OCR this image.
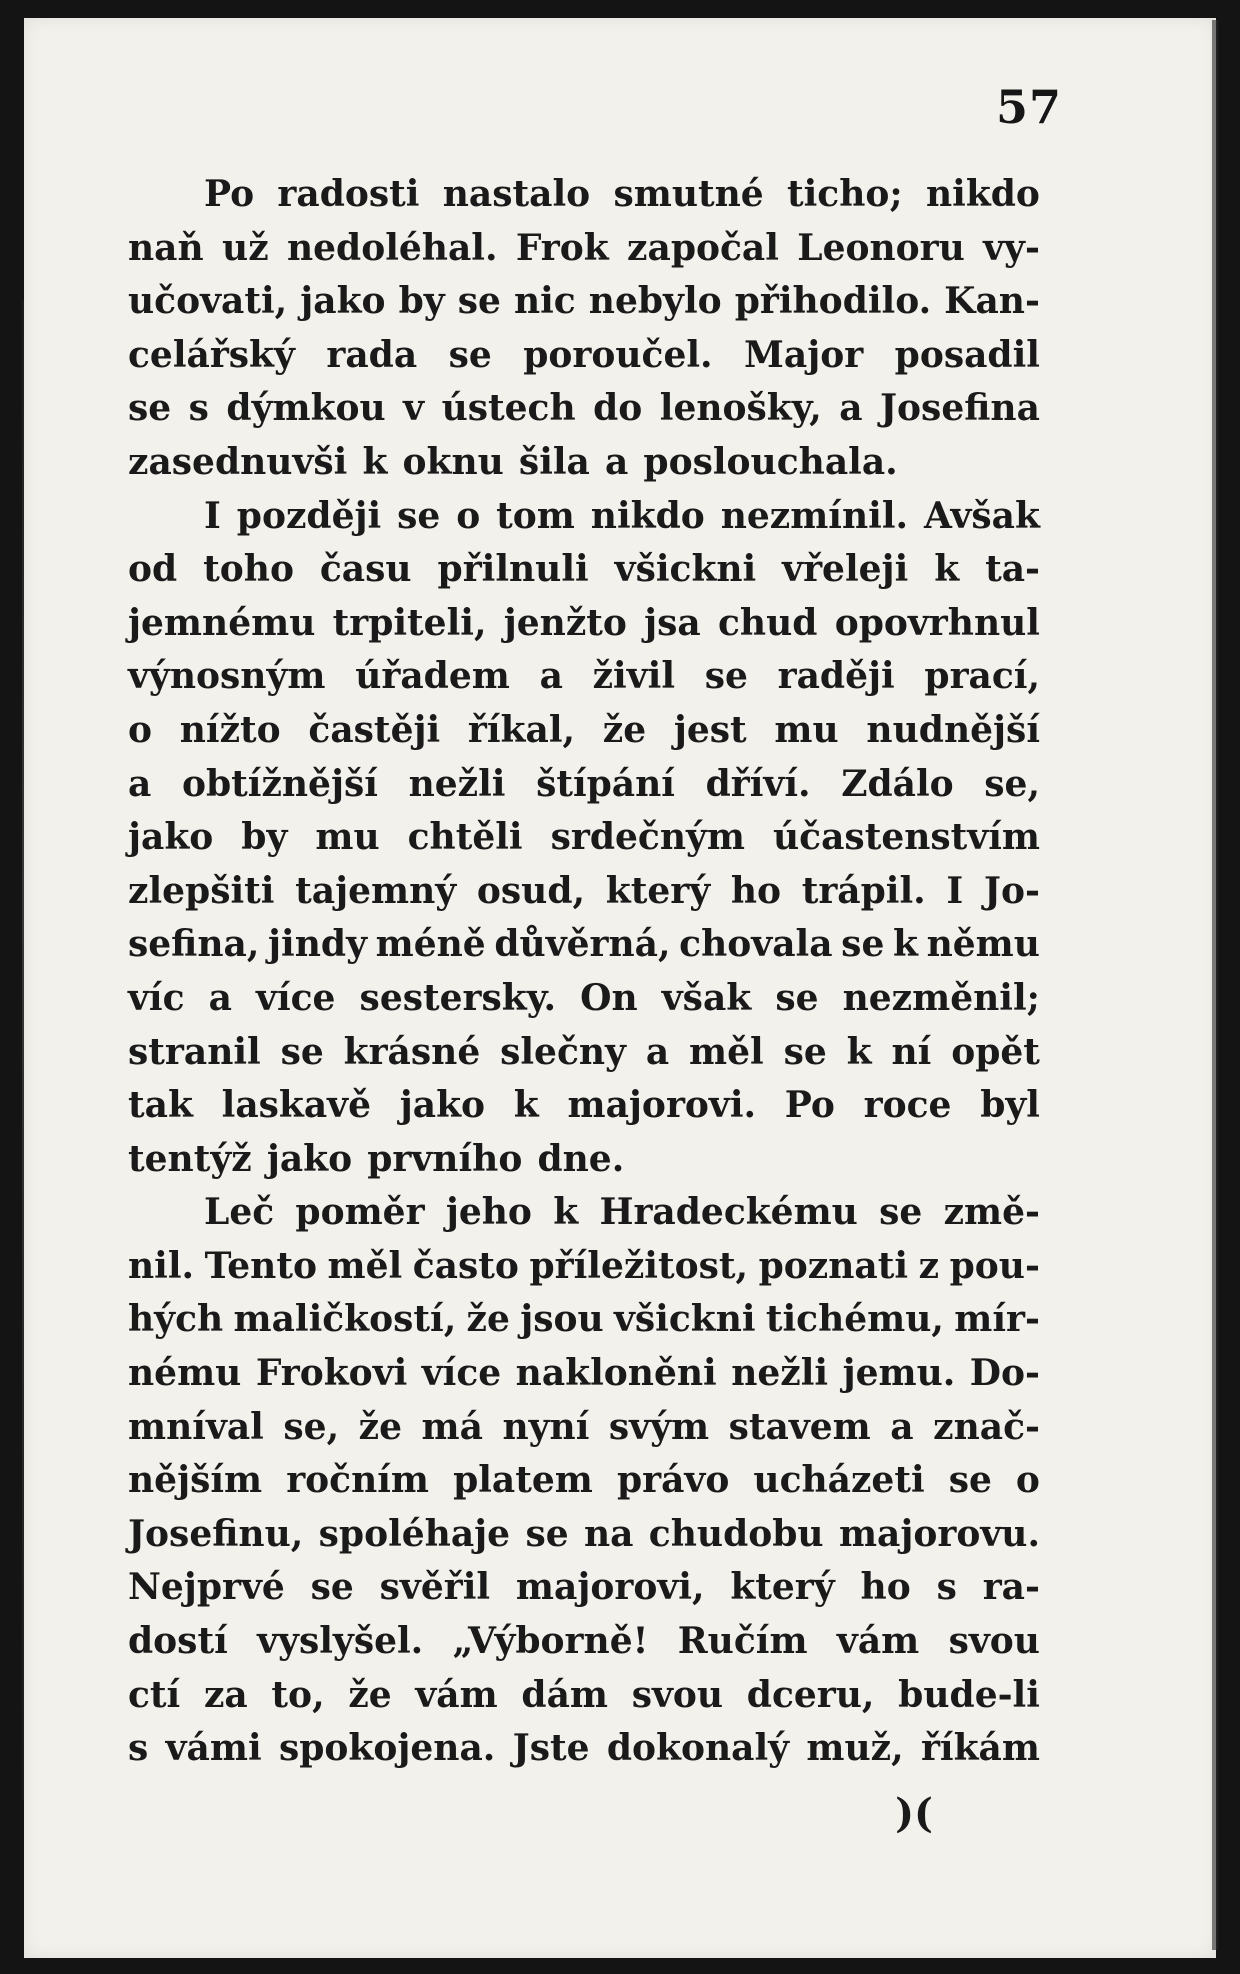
57
Po radosti nastalo smutné ticho; nikdo
naň už nedoléhal. Frok započal Leonoru vy-
učovati, jako by se nic nebylo přihodilo. Kan-
celářský rada se poroučel. Major posadil
se s dýmkou v ústech do lenošky, a Josefina
zasednuvši k oknu šila a poslouchala.
I později se o tom nikdo nezmínil. Avšak
od toho času přilnuli všickni vřeleji k ta-
jemnému trpiteli, jenžto jsa chud opovrhnul
výnosným úřadem a živil se raději prací,
o nížto častěji říkal, že jest mu nudnější
a obtížnější nežli štípání dříví. Zdálo se,
jako by mu chtěli srdečným účastenstvím
zlepšiti tajemný osud, který ho trápil. I Jo-
sefina, jindy méně důvěrná, chovala se k němu
víc a více sestersky. On však se nezměnil;
stranil se krásné slečny a měl se k ní opět
tak laskavě jako k majorovi. Po roce byl
tentýž jako prvního dne.
Leč poměr jeho k Hradeckému se změ-
nil. Tento měl často příležitost, poznati z pou-
hých maličkostí, že jsou všickni tichému, mír-
nému Frokovi více nakloněni nežli jemu. Do-
mníval se, že má nyní svým stavem a znač-
nějším ročním platem právo ucházeti se o
Josefinu, spoléhaje se na chudobu majorovu.
Nejprvé se svěřil majorovi, který ho s ra-
dostí vyslyšel. „Výborně! Ručím vám svou
ctí za to, že vám dám svou dceru, bude-li
s vámi spokojena. Jste dokonalý muž, říkám
)(
